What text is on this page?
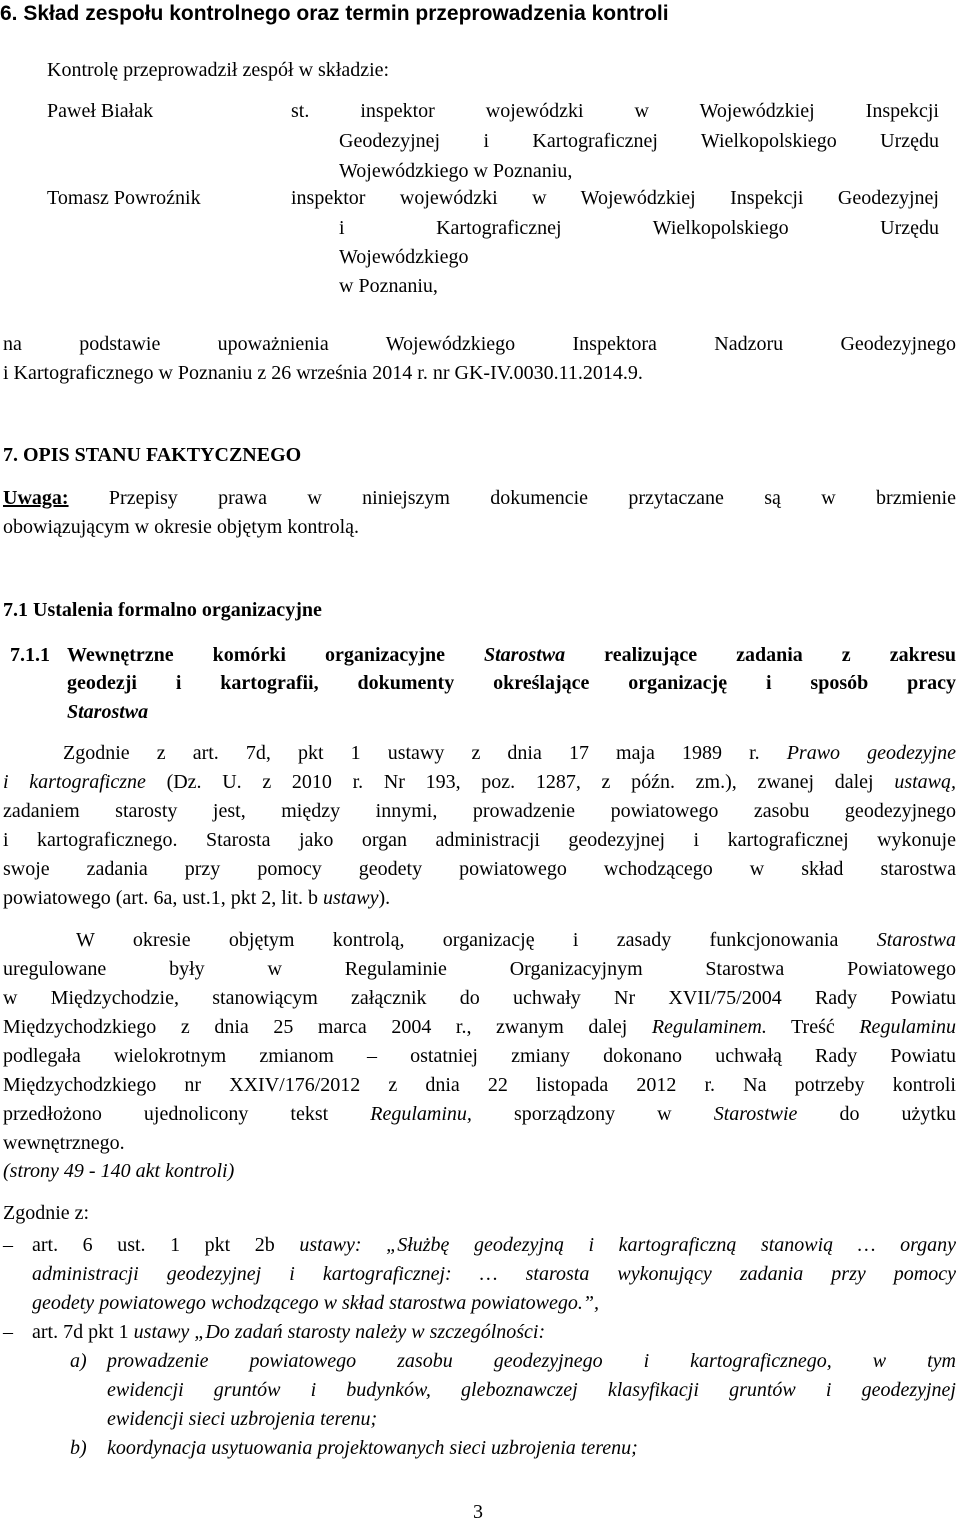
6. Skład zespołu kontrolnego oraz termin przeprowadzenia kontroli
Kontrolę przeprowadził zespół w składzie:
Paweł Białak	st. inspektor wojewódzki w Wojewódzkiej Inspekcji
Geodezyjnej i Kartograficznej Wielkopolskiego Urzędu
Wojewódzkiego w Poznaniu,
Tomasz Powroźnik	inspektor wojewódzki w Wojewódzkiej Inspekcji Geodezyjnej
i Kartograficznej Wielkopolskiego Urzędu
Wojewódzkiego
w Poznaniu,
na podstawie upoważnienia Wojewódzkiego Inspektora Nadzoru Geodezyjnego
i Kartograficznego w Poznaniu z 26 września 2014 r. nr GK-IV.0030.11.2014.9.
7. OPIS STANU FAKTYCZNEGO
Uwaga: Przepisy prawa w niniejszym dokumencie przytaczane są w brzmienie
obowiązującym w okresie objętym kontrolą.
7.1 Ustalenia formalno organizacyjne
7.1.1 Wewnętrzne komórki organizacyjne Starostwa realizujące zadania z zakresu
geodezji i kartografii, dokumenty określające organizację i sposób pracy
Starostwa
Zgodnie z art. 7d, pkt 1 ustawy z dnia 17 maja 1989 r. Prawo geodezyjne
i kartograficzne (Dz. U. z 2010 r. Nr 193, poz. 1287, z późn. zm.), zwanej dalej ustawą,
zadaniem starosty jest, między innymi, prowadzenie powiatowego zasobu geodezyjnego
i kartograficznego. Starosta jako organ administracji geodezyjnej i kartograficznej wykonuje
swoje zadania przy pomocy geodety powiatowego wchodzącego w skład starostwa
powiatowego (art. 6a, ust.1, pkt 2, lit. b ustawy).
W okresie objętym kontrolą, organizację i zasady funkcjonowania Starostwa
uregulowane były w Regulaminie Organizacyjnym Starostwa Powiatowego
w Międzychodzie, stanowiącym załącznik do uchwały Nr XVII/75/2004 Rady Powiatu
Międzychodzkiego z dnia 25 marca 2004 r., zwanym dalej Regulaminem. Treść Regulaminu
podlegała wielokrotnym zmianom – ostatniej zmiany dokonano uchwałą Rady Powiatu
Międzychodzkiego nr XXIV/176/2012 z dnia 22 listopada 2012 r. Na potrzeby kontroli
przedłożono ujednolicony tekst Regulaminu, sporządzony w Starostwie do użytku
wewnętrznego.
(strony 49 - 140 akt kontroli)
Zgodnie z:
– art. 6 ust. 1 pkt 2b ustawy: „Służbę geodezyjną i kartograficzną stanowią … organy
administracji geodezyjnej i kartograficznej: … starosta wykonujący zadania przy pomocy
geodety powiatowego wchodzącego w skład starostwa powiatowego.”,
– art. 7d pkt 1 ustawy „Do zadań starosty należy w szczególności:
a) prowadzenie powiatowego zasobu geodezyjnego i kartograficznego, w tym
ewidencji gruntów i budynków, gleboznawczej klasyfikacji gruntów i geodezyjnej
ewidencji sieci uzbrojenia terenu;
b) koordynacja usytuowania projektowanych sieci uzbrojenia terenu;
3
